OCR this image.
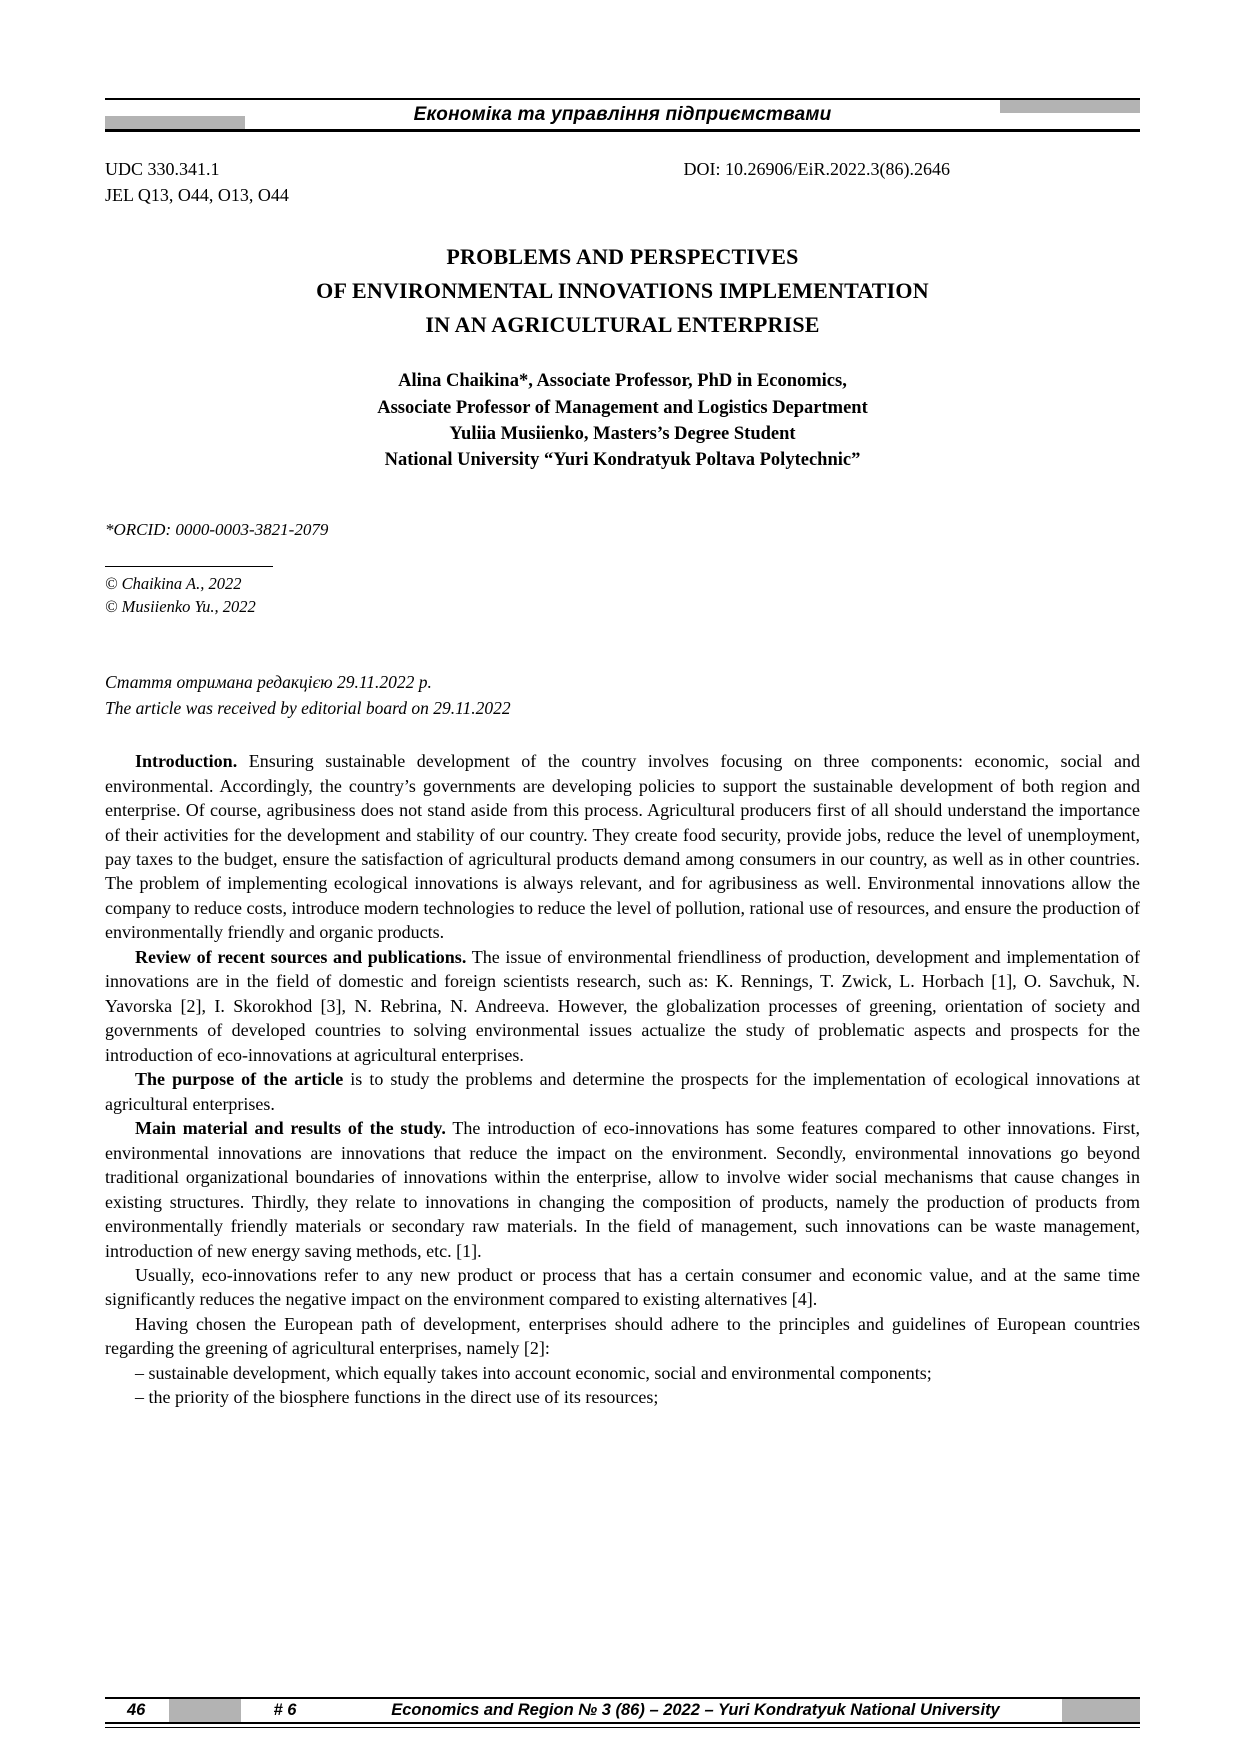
Економіка та управління підприємствами
UDC 330.341.1
JEL Q13, O44, O13, O44
DOI: 10.26906/EiR.2022.3(86).2646
PROBLEMS AND PERSPECTIVES
OF ENVIRONMENTAL INNOVATIONS IMPLEMENTATION
IN AN AGRICULTURAL ENTERPRISE
Alina Chaikina*, Associate Professor, PhD in Economics,
Associate Professor of Management and Logistics Department
Yuliia Musiienko, Masters’s Degree Student
National University “Yuri Kondratyuk Poltava Polytechnic”
*ORCID: 0000-0003-3821-2079
© Chaikina A., 2022
© Musiienko Yu., 2022
Стаття отримана редакцією 29.11.2022 р.
The article was received by editorial board on 29.11.2022

Introduction. Ensuring sustainable development of the country involves focusing on three components: economic, social and environmental. Accordingly, the country’s governments are developing policies to support the sustainable development of both region and enterprise. Of course, agribusiness does not stand aside from this process. Agricultural producers first of all should understand the importance of their activities for the development and stability of our country. They create food security, provide jobs, reduce the level of unemployment, pay taxes to the budget, ensure the satisfaction of agricultural products demand among consumers in our country, as well as in other countries. The problem of implementing ecological innovations is always relevant, and for agribusiness as well. Environmental innovations allow the company to reduce costs, introduce modern technologies to reduce the level of pollution, rational use of resources, and ensure the production of environmentally friendly and organic products.

Review of recent sources and publications. The issue of environmental friendliness of production, development and implementation of innovations are in the field of domestic and foreign scientists research, such as: K. Rennings, T. Zwick, L. Horbach [1], O. Savchuk, N. Yavorska [2], I. Skorokhod [3], N. Rebrina, N. Andreeva. However, the globalization processes of greening, orientation of society and governments of developed countries to solving environmental issues actualize the study of problematic aspects and prospects for the introduction of eco-innovations at agricultural enterprises.

The purpose of the article is to study the problems and determine the prospects for the implementation of ecological innovations at agricultural enterprises.

Main material and results of the study. The introduction of eco-innovations has some features compared to other innovations. First, environmental innovations are innovations that reduce the impact on the environment. Secondly, environmental innovations go beyond traditional organizational boundaries of innovations within the enterprise, allow to involve wider social mechanisms that cause changes in existing structures. Thirdly, they relate to innovations in changing the composition of products, namely the production of products from environmentally friendly materials or secondary raw materials. In the field of management, such innovations can be waste management, introduction of new energy saving methods, etc. [1].

Usually, eco-innovations refer to any new product or process that has a certain consumer and economic value, and at the same time significantly reduces the negative impact on the environment compared to existing alternatives [4].

Having chosen the European path of development, enterprises should adhere to the principles and guidelines of European countries regarding the greening of agricultural enterprises, namely [2]:

– sustainable development, which equally takes into account economic, social and environmental components;

– the priority of the biosphere functions in the direct use of its resources;

46	# 6	Economics and Region № 3 (86) – 2022 – Yuri Kondratyuk National University
